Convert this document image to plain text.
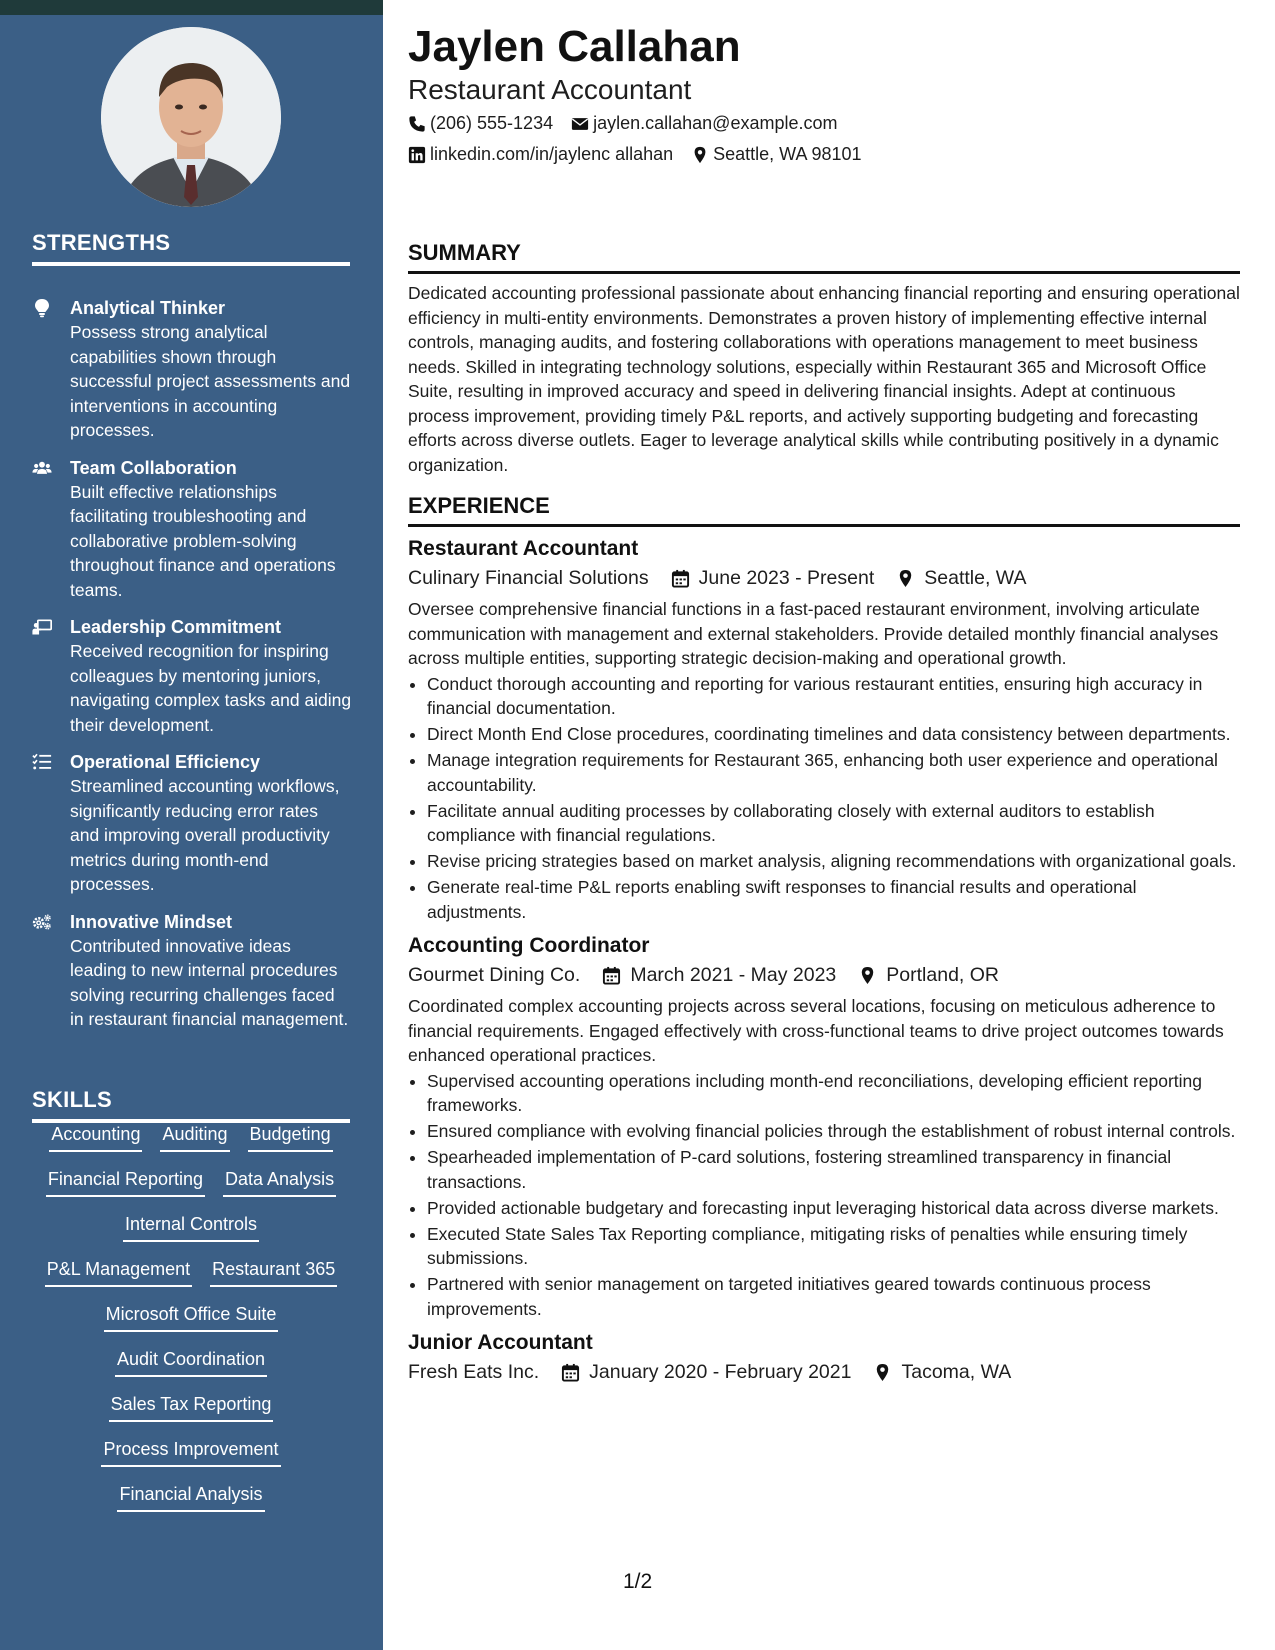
STRENGTHS
Analytical Thinker
Possess strong analytical capabilities shown through successful project assessments and interventions in accounting processes.
Team Collaboration
Built effective relationships facilitating troubleshooting and collaborative problem-solving throughout finance and operations teams.
Leadership Commitment
Received recognition for inspiring colleagues by mentoring juniors, navigating complex tasks and aiding their development.
Operational Efficiency
Streamlined accounting workflows, significantly reducing error rates and improving overall productivity metrics during month-end processes.
Innovative Mindset
Contributed innovative ideas leading to new internal procedures solving recurring challenges faced in restaurant financial management.
SKILLS
Accounting Auditing Budgeting
Financial Reporting Data Analysis
Internal Controls
P&L Management Restaurant 365
Microsoft Office Suite
Audit Coordination
Sales Tax Reporting
Process Improvement
Financial Analysis
Jaylen Callahan
Restaurant Accountant
(206) 555-1234 jaylen.callahan@example.com
linkedin.com/in/jaylenc allahan Seattle, WA 98101
SUMMARY

Dedicated accounting professional passionate about enhancing financial reporting and ensuring operational efficiency in multi-entity environments. Demonstrates a proven history of implementing effective internal controls, managing audits, and fostering collaborations with operations management to meet business needs. Skilled in integrating technology solutions, especially within Restaurant 365 and Microsoft Office Suite, resulting in improved accuracy and speed in delivering financial insights. Adept at continuous process improvement, providing timely P&L reports, and actively supporting budgeting and forecasting efforts across diverse outlets. Eager to leverage analytical skills while contributing positively in a dynamic organization.

EXPERIENCE
Restaurant Accountant
Culinary Financial Solutions	June 2023 - Present	Seattle, WA

Oversee comprehensive financial functions in a fast-paced restaurant environment, involving articulate communication with management and external stakeholders. Provide detailed monthly financial analyses across multiple entities, supporting strategic decision-making and operational growth.

• Conduct thorough accounting and reporting for various restaurant entities, ensuring high accuracy in financial documentation.
• Direct Month End Close procedures, coordinating timelines and data consistency between departments.
• Manage integration requirements for Restaurant 365, enhancing both user experience and operational accountability.
• Facilitate annual auditing processes by collaborating closely with external auditors to establish compliance with financial regulations.
• Revise pricing strategies based on market analysis, aligning recommendations with organizational goals.
• Generate real-time P&L reports enabling swift responses to financial results and operational adjustments.
Accounting Coordinator
Gourmet Dining Co.	March 2021 - May 2023	Portland, OR

Coordinated complex accounting projects across several locations, focusing on meticulous adherence to financial requirements. Engaged effectively with cross-functional teams to drive project outcomes towards enhanced operational practices.

• Supervised accounting operations including month-end reconciliations, developing efficient reporting frameworks.
• Ensured compliance with evolving financial policies through the establishment of robust internal controls.
• Spearheaded implementation of P-card solutions, fostering streamlined transparency in financial transactions.
• Provided actionable budgetary and forecasting input leveraging historical data across diverse markets.
• Executed State Sales Tax Reporting compliance, mitigating risks of penalties while ensuring timely submissions.
• Partnered with senior management on targeted initiatives geared towards continuous process improvements.
Junior Accountant
Fresh Eats Inc.	January 2020 - February 2021	Tacoma, WA
1/2
